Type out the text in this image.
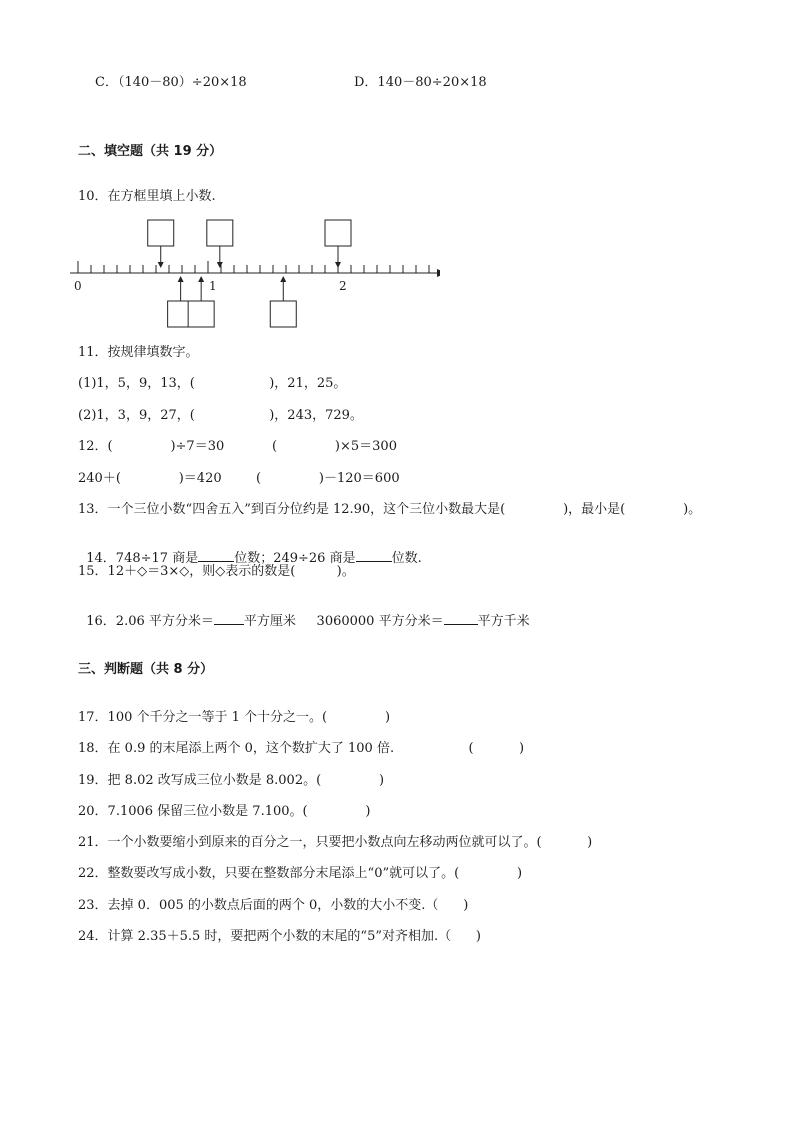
C．（140－80）÷20×18	D．140－80÷20×18
二、填空题（共 19 分）
10．在方框里填上小数.
0	1	2
11．按规律填数字。
(1)1，5，9，13，(                  )，21，25。
(2)1，3，9，27，(                  )，243，729。
12．(              )÷7＝30	(              )×5＝300
240＋(              )＝420	(              )－120＝600
13．一个三位小数“四舍五入”到百分位约是 12.90，这个三位小数最大是(              )，最小是(              )。

14．748÷17 商是	位数；249÷26 商是	位数.

15．12＋◇＝3×◇，则◇表示的数是(          )。

16．2.06 平方分米＝ 平方厘米     3060000 平方分米＝	平方千米

三、判断题（共 8 分）
17．100 个千分之一等于 1 个十分之一。(              )
18．在 0.9 的末尾添上两个 0，这个数扩大了 100 倍.                  (           )
19．把 8.02 改写成三位小数是 8.002。(              )
20．7.1006 保留三位小数是 7.100。(              )
21．一个小数要缩小到原来的百分之一，只要把小数点向左移动两位就可以了。(           )
22．整数要改写成小数，只要在整数部分末尾添上“0”就可以了。(              )
23．去掉 0．005 的小数点后面的两个 0，小数的大小不变.（      )
24．计算 2.35＋5.5 时，要把两个小数的末尾的“5”对齐相加.（      )
